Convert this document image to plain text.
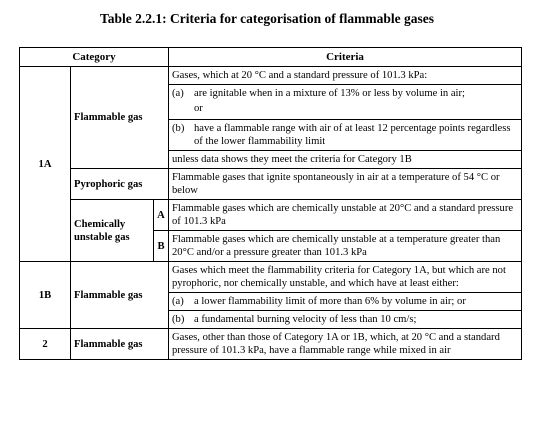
Table 2.2.1: Criteria for categorisation of flammable gases
Category			Criteria
1A	Flammable gas		Gases, which at 20 °C and a standard pressure of 101.3 kPa:
(a) are ignitable when in a mixture of 13% or less by volume in air;
or
(b) have a flammable range with air of at least 12 percentage points regardless of the lower flammability limit
unless data shows they meet the criteria for Category 1B

	Pyrophoric gas		Flammable gases that ignite spontaneously in air at a temperature of 54 °C or below
	Chemically unstable gas	A	Flammable gases which are chemically unstable at 20°C and a standard pressure of 101.3 kPa
		B	Flammable gases which are chemically unstable at a temperature greater than 20°C and/or a pressure greater than 101.3 kPa
1B	Flammable gas		Gases which meet the flammability criteria for Category 1A, but which are not pyrophoric, nor chemically unstable, and which have at least either:
(a) a lower flammability limit of more than 6% by volume in air; or
(b) a fundamental burning velocity of less than 10 cm/s;

2	Flammable gas		Gases, other than those of Category 1A or 1B, which, at 20 °C and a standard pressure of 101.3 kPa, have a flammable range while mixed in air
